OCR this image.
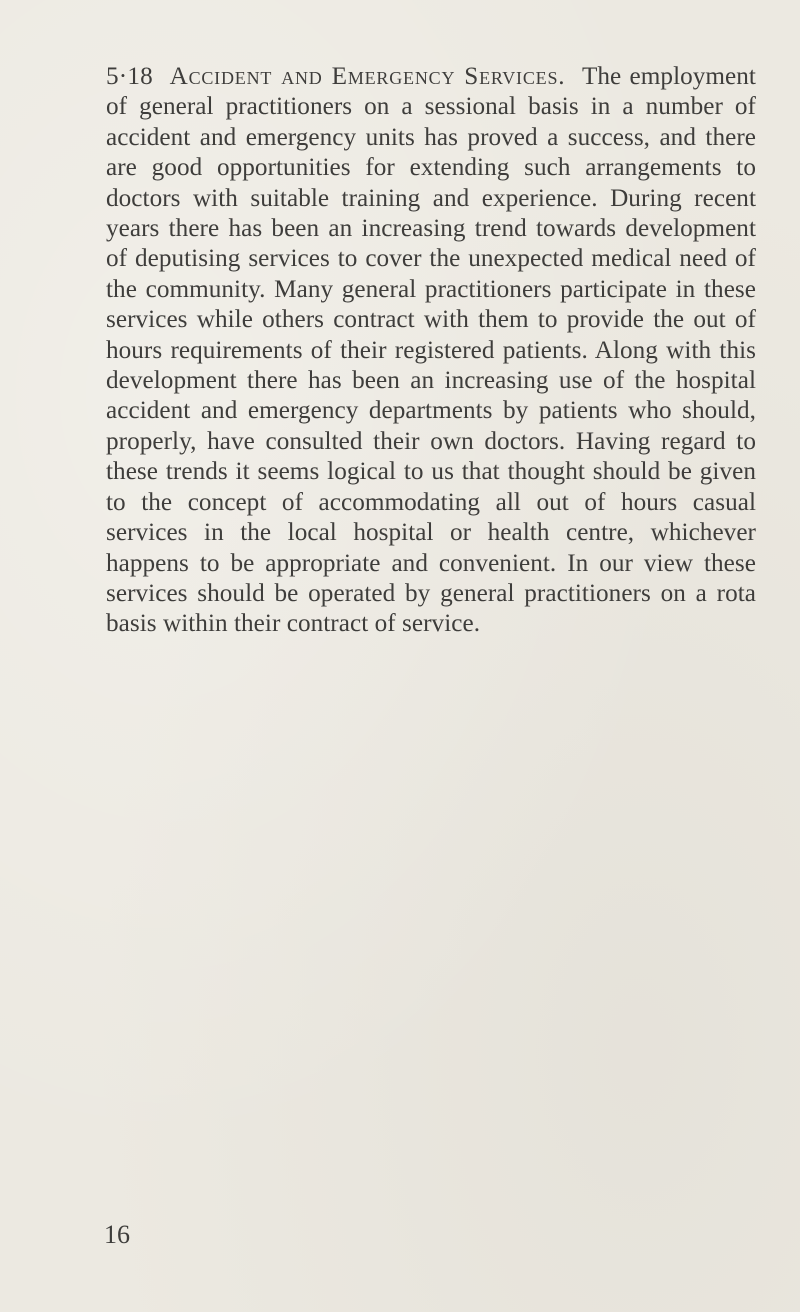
5·18 Accident and Emergency Services. The employment of general practitioners on a sessional basis in a number of accident and emergency units has proved a success, and there are good opportunities for extending such arrangements to doctors with suitable training and experience. During recent years there has been an increasing trend towards development of deputising services to cover the unexpected medical need of the community. Many general practitioners participate in these services while others contract with them to provide the out of hours requirements of their registered patients. Along with this development there has been an increasing use of the hospital accident and emergency departments by patients who should, properly, have consulted their own doctors. Having regard to these trends it seems logical to us that thought should be given to the concept of accommodating all out of hours casual services in the local hospital or health centre, whichever happens to be appropriate and convenient. In our view these services should be operated by general practitioners on a rota basis within their contract of service.

16
